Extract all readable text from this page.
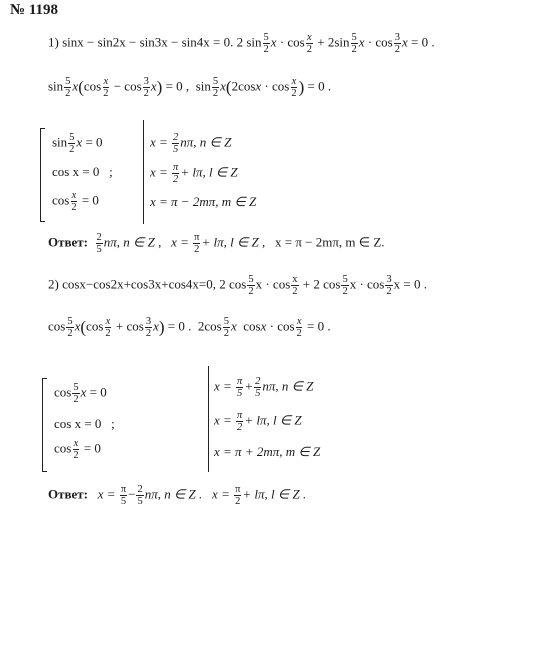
№ 1198
1) sinx − sin2x − sin3x − sin4x = 0. 2 $\sin \frac{5}{2}$ $x \cdot \cos \frac{x}{2} + 2\sin \frac{5}{2}$ $x \cdot \cos \frac{3}{2}$ x = 0 .
$\sin \frac{5}{2} x(\cos \frac{x}{2} - \cos \frac{3}{2} x) = 0$ ,  $\sin \frac{5}{2} x(2\cos x \cdot \cos \frac{x}{2}$ ) = 0 .
$\sin \frac{5}{2}$ x = 0
cos x = 0   ;
$\cos \frac{x}{2} = 0$
$x = \frac{2}{5} n\pi$, n ∈ Z
$x = \frac{\pi}{2} + l\pi$, l ∈ Z
x = π − 2mπ, m ∈ Z
Ответ: $\frac{2}{5} n\pi$, n ∈ Z , $x = \frac{\pi}{2} + l\pi$, l ∈ Z , x = π − 2mπ, m ∈ Z.
2) cosx−cos2x+cos3x+cos4x=0, 2 $\cos \frac{5}{2}$ $x \cdot \cos \frac{x}{2} + 2$ $\cos \frac{5}{2}$ $x \cdot \cos \frac{3}{2}$ x = 0 .
$\cos \frac{5}{2} x(\cos \frac{x}{2} + \cos \frac{3}{2} x) = 0$ .  $2\cos \frac{5}{2}$ x  $\cos x \cdot \cos \frac{x}{2} = 0$ .
$\cos \frac{5}{2}$ x = 0
cos x = 0   ;
$\cos \frac{x}{2} = 0$
$x = \frac{\pi}{5} + \frac{2}{5} n\pi$, n ∈ Z
$x = \frac{\pi}{2} + l\pi$, l ∈ Z
x = π + 2mπ, m ∈ Z
Ответ: $x = \frac{\pi}{5} - \frac{2}{5} n\pi$, n ∈ Z . $x = \frac{\pi}{2} + l\pi$, l ∈ Z .
